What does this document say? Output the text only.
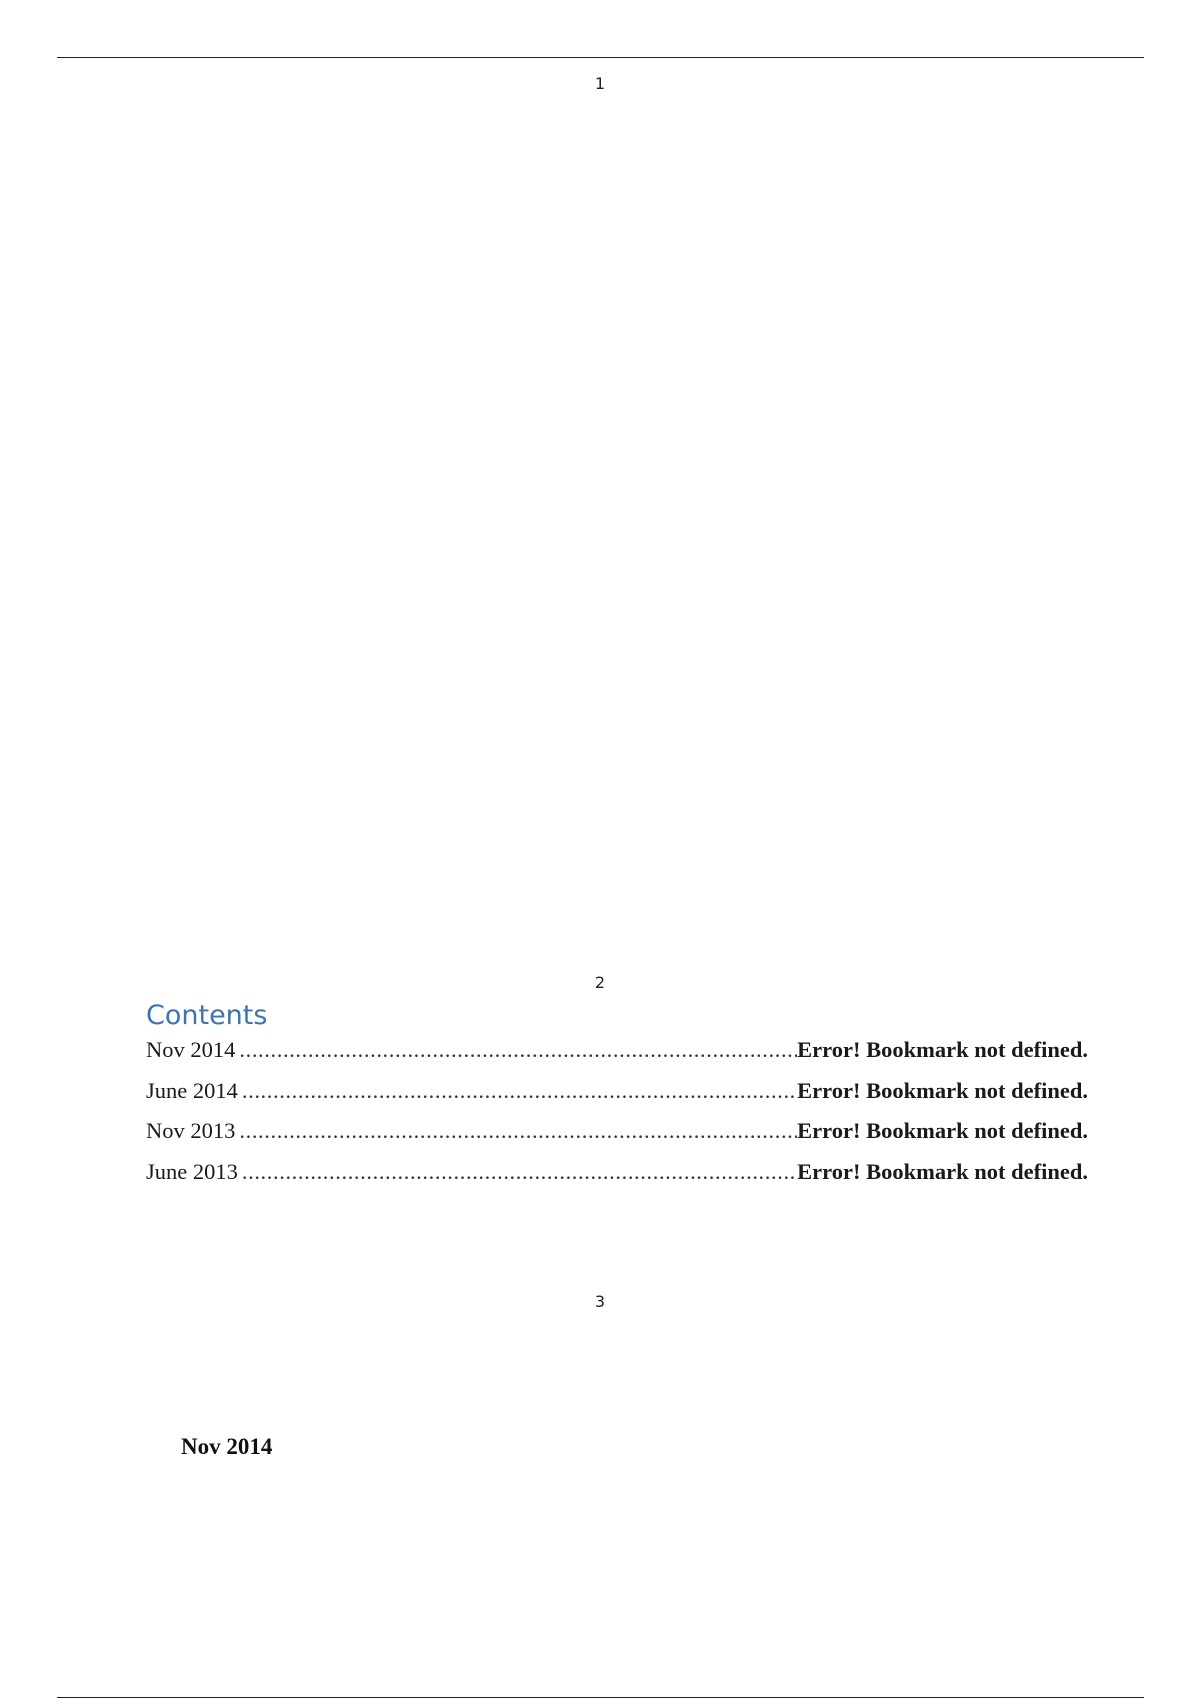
1
2
Contents
Nov 2014 .....	Error! Bookmark not defined.
June 2014 .....	Error! Bookmark not defined.
Nov 2013 .....	Error! Bookmark not defined.
June 2013 .....	Error! Bookmark not defined.
3
Nov 2014
